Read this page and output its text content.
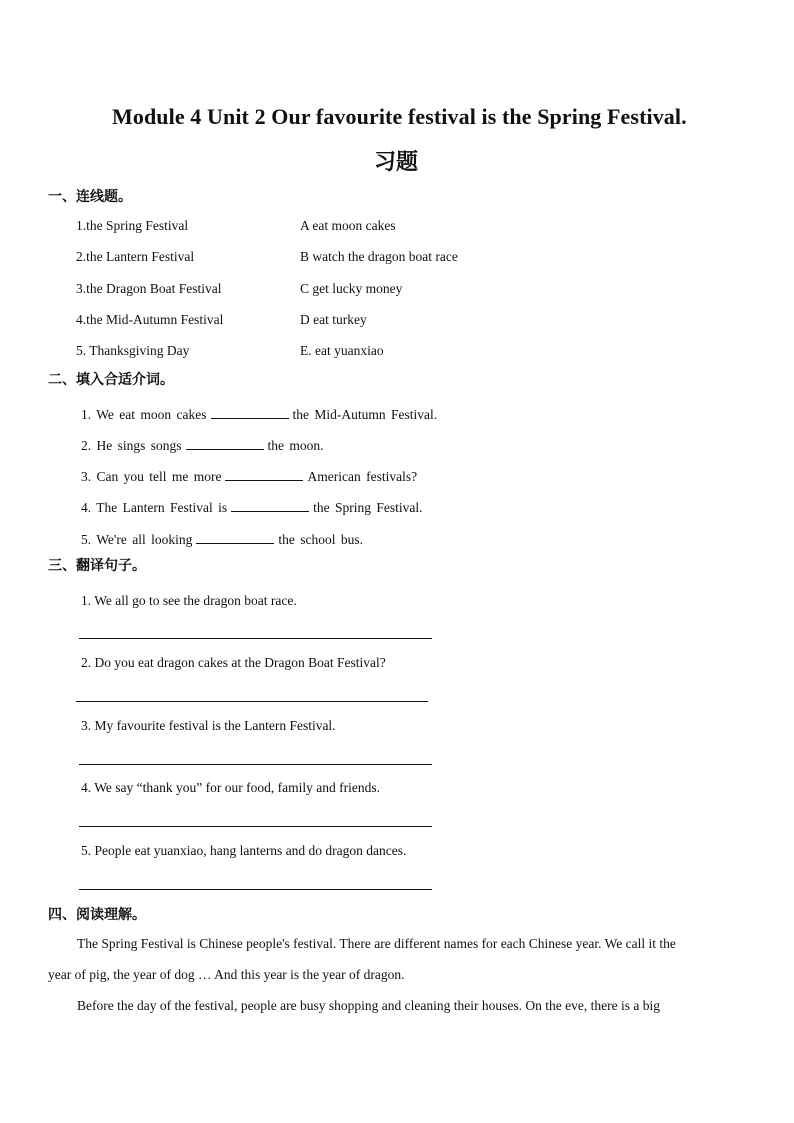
Module 4 Unit 2 Our favourite festival is the Spring Festival.
习题
一、连线题。
1.the Spring Festival	A eat moon cakes
2.the Lantern Festival	B watch the dragon boat race
3.the Dragon Boat Festival	C get lucky money
4.the Mid-Autumn Festival	D eat turkey
5. Thanksgiving Day	E. eat yuanxiao
二、填入合适介词。
1. We eat moon cakes	the Mid-Autumn Festival.
2. He sings songs	the moon.
3. Can you tell me more	American festivals?
4. The Lantern Festival is	the Spring Festival.
5. We're all looking	the school bus.
三、翻译句子。
1. We all go to see the dragon boat race.
2. Do you eat dragon cakes at the Dragon Boat Festival?
3. My favourite festival is the Lantern Festival.
4. We say “thank you” for our food, family and friends.
5. People eat yuanxiao, hang lanterns and do dragon dances.
四、阅读理解。
The Spring Festival is Chinese people's festival. There are different names for each Chinese year. We call it the
year of pig, the year of dog … And this year is the year of dragon.
Before the day of the festival, people are busy shopping and cleaning their houses. On the eve, there is a big
